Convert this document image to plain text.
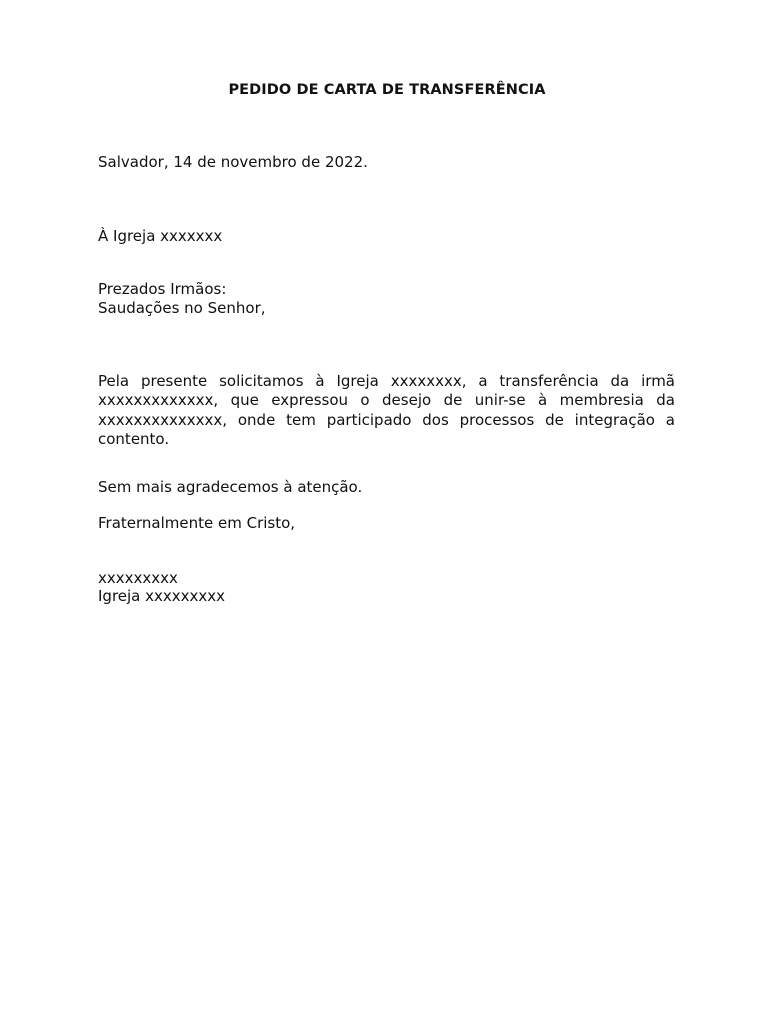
PEDIDO DE CARTA DE TRANSFERÊNCIA
Salvador, 14 de novembro de 2022.
À Igreja xxxxxxx
Prezados Irmãos:
Saudações no Senhor,
Pela presente solicitamos à Igreja xxxxxxxx, a transferência da irmã
xxxxxxxxxxxxx, que expressou o desejo de unir-se à membresia da
xxxxxxxxxxxxxx, onde tem participado dos processos de integração a
contento.
Sem mais agradecemos à atenção.
Fraternalmente em Cristo,
xxxxxxxxx
Igreja xxxxxxxxx
